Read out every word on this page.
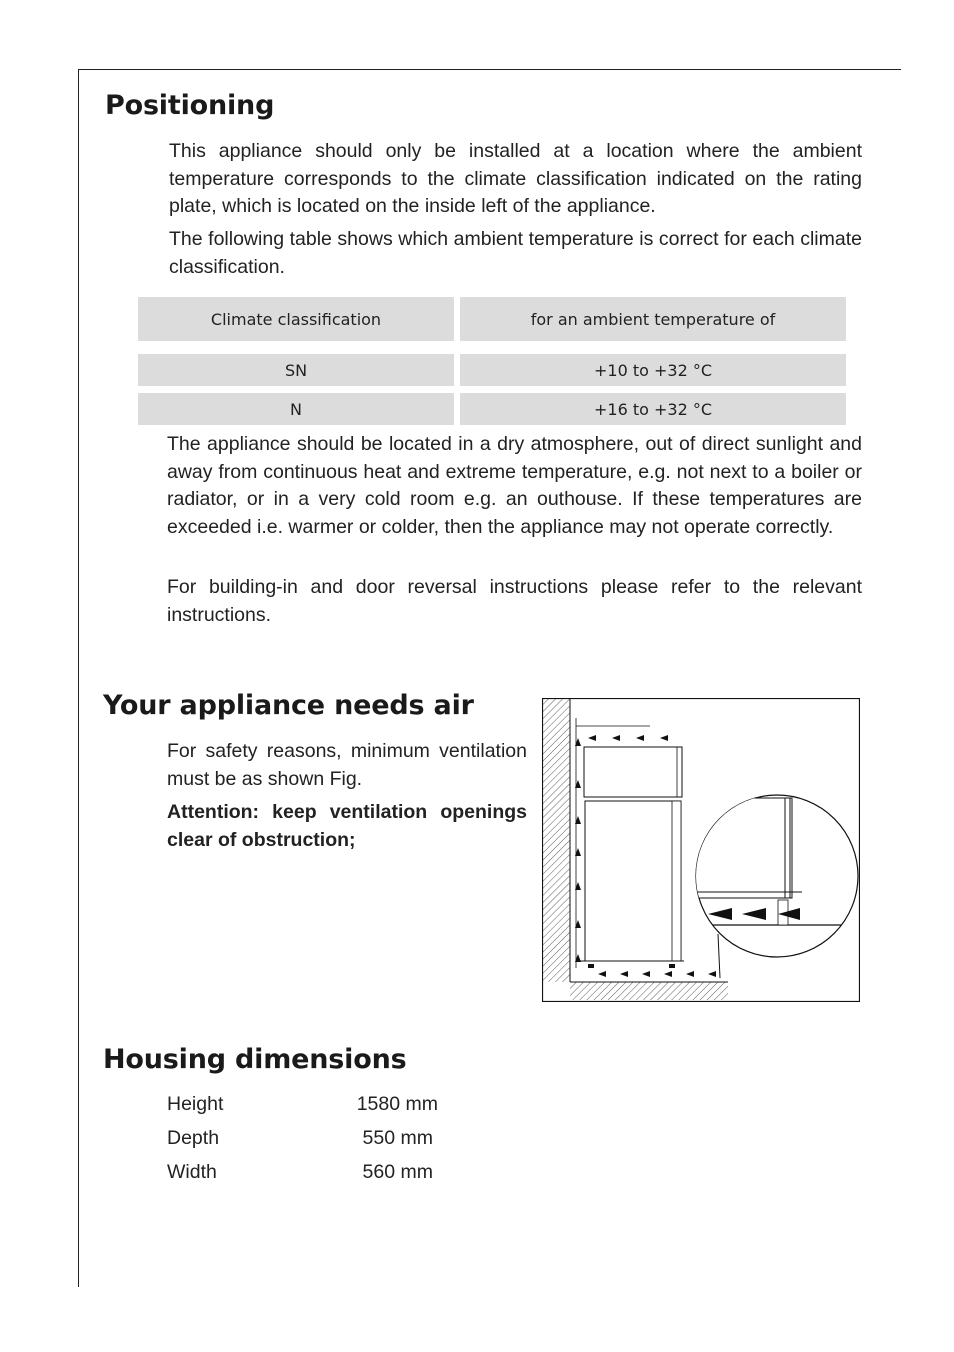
Positioning

This appliance should only be installed at a location where the ambient temperature corresponds to the climate classification indicated on the rating plate, which is located on the inside left of the appliance.

The following table shows which ambient temperature is correct for each climate classification.

Climate classification	for an ambient temperature of
SN	+10 to +32 °C
N	+16 to +32 °C

The appliance should be located in a dry atmosphere, out of direct sunlight and away from continuous heat and extreme temperature, e.g. not next to a boiler or radiator, or in a very cold room e.g. an outhouse. If these temperatures are exceeded i.e. warmer or colder, then the appliance may not operate correctly.

For building-in and door reversal instructions please refer to the relevant instructions.

Your appliance needs air

For safety reasons, minimum ventilation must be as shown Fig.

Attention: keep ventilation openings clear of obstruction;

Housing dimensions
Height	1580 mm
Depth	550 mm
Width	560 mm
